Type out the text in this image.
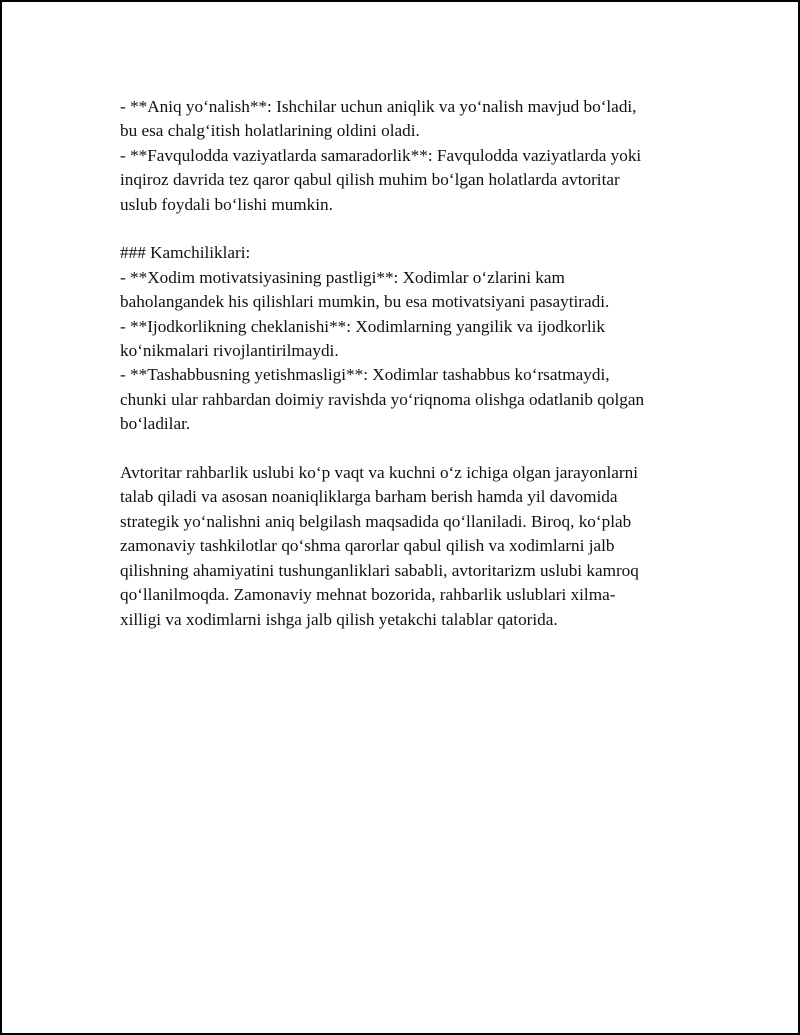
- **Aniq yo‘nalish**: Ishchilar uchun aniqlik va yo‘nalish mavjud bo‘ladi,
bu esa chalg‘itish holatlarining oldini oladi.
- **Favqulodda vaziyatlarda samaradorlik**: Favqulodda vaziyatlarda yoki
inqiroz davrida tez qaror qabul qilish muhim bo‘lgan holatlarda avtoritar
uslub foydali bo‘lishi mumkin.
### Kamchiliklari:
- **Xodim motivatsiyasining pastligi**: Xodimlar o‘zlarini kam
baholangandek his qilishlari mumkin, bu esa motivatsiyani pasaytiradi.
- **Ijodkorlikning cheklanishi**: Xodimlarning yangilik va ijodkorlik
ko‘nikmalari rivojlantirilmaydi.
- **Tashabbusning yetishmasligi**: Xodimlar tashabbus ko‘rsatmaydi,
chunki ular rahbardan doimiy ravishda yo‘riqnoma olishga odatlanib qolgan
bo‘ladilar.
Avtoritar rahbarlik uslubi ko‘p vaqt va kuchni o‘z ichiga olgan jarayonlarni
talab qiladi va asosan noaniqliklarga barham berish hamda yil davomida
strategik yo‘nalishni aniq belgilash maqsadida qo‘llaniladi. Biroq, ko‘plab
zamonaviy tashkilotlar qo‘shma qarorlar qabul qilish va xodimlarni jalb
qilishning ahamiyatini tushunganliklari sababli, avtoritarizm uslubi kamroq
qo‘llanilmoqda. Zamonaviy mehnat bozorida, rahbarlik uslublari xilma-
xilligi va xodimlarni ishga jalb qilish yetakchi talablar qatorida.
